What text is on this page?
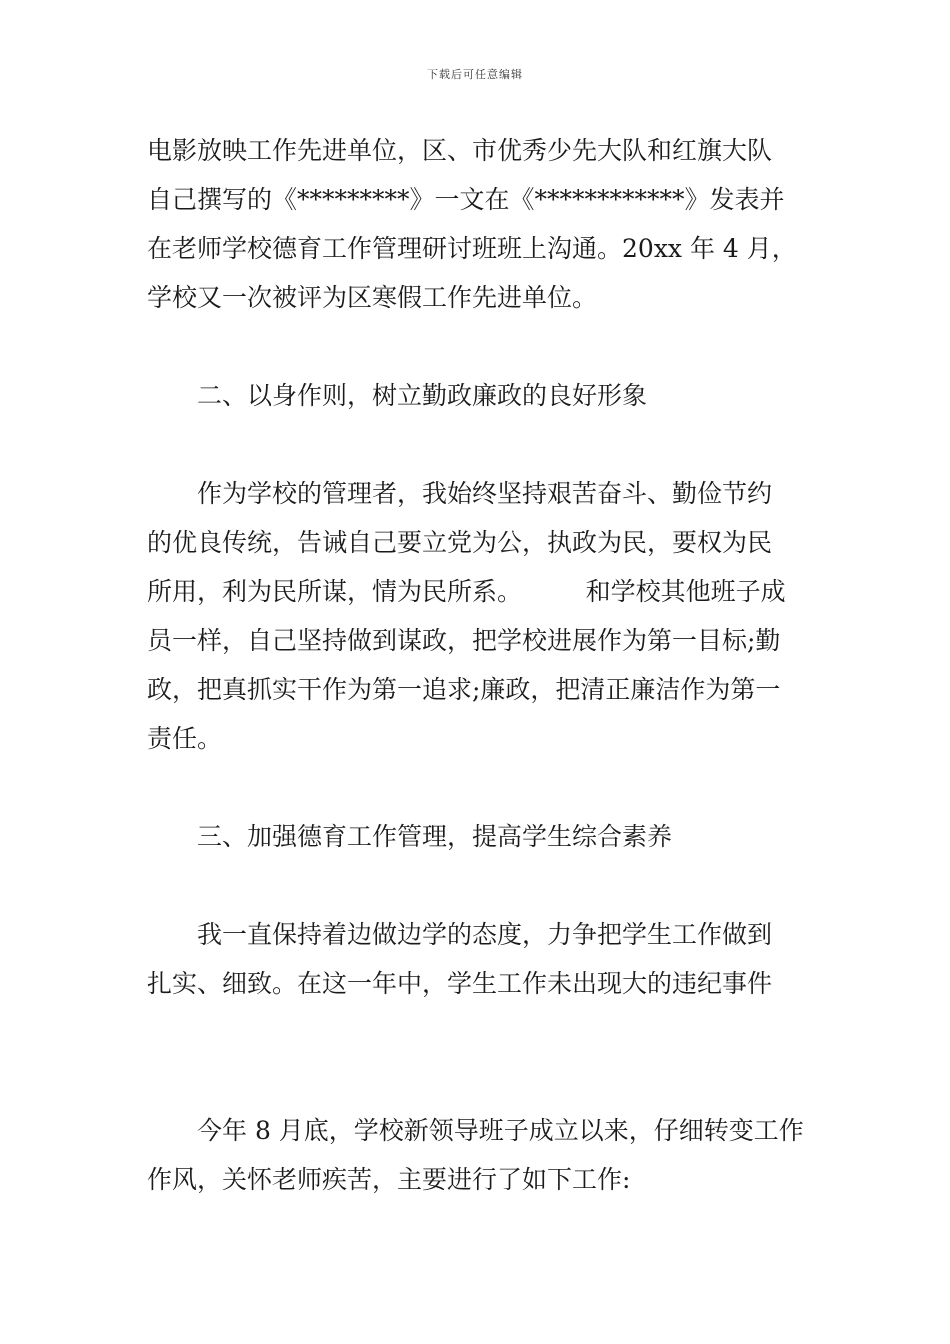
下载后可任意编辑
电影放映工作先进单位，区、市优秀少先大队和红旗大队
自己撰写的《*********》一文在《************》发表并
在老师学校德育工作管理研讨班班上沟通。20xx 年 4 月，
学校又一次被评为区寒假工作先进单位。
二、以身作则，树立勤政廉政的良好形象
作为学校的管理者，我始终坚持艰苦奋斗、勤俭节约
的优良传统，告诫自己要立党为公，执政为民，要权为民
所用，利为民所谋，情为民所系。        和学校其他班子成
员一样，自己坚持做到谋政，把学校进展作为第一目标;勤
政，把真抓实干作为第一追求;廉政，把清正廉洁作为第一
责任。
三、加强德育工作管理，提高学生综合素养
我一直保持着边做边学的态度，力争把学生工作做到
扎实、细致。在这一年中，学生工作未出现大的违纪事件
今年 8 月底，学校新领导班子成立以来，仔细转变工作
作风，关怀老师疾苦，主要进行了如下工作:
